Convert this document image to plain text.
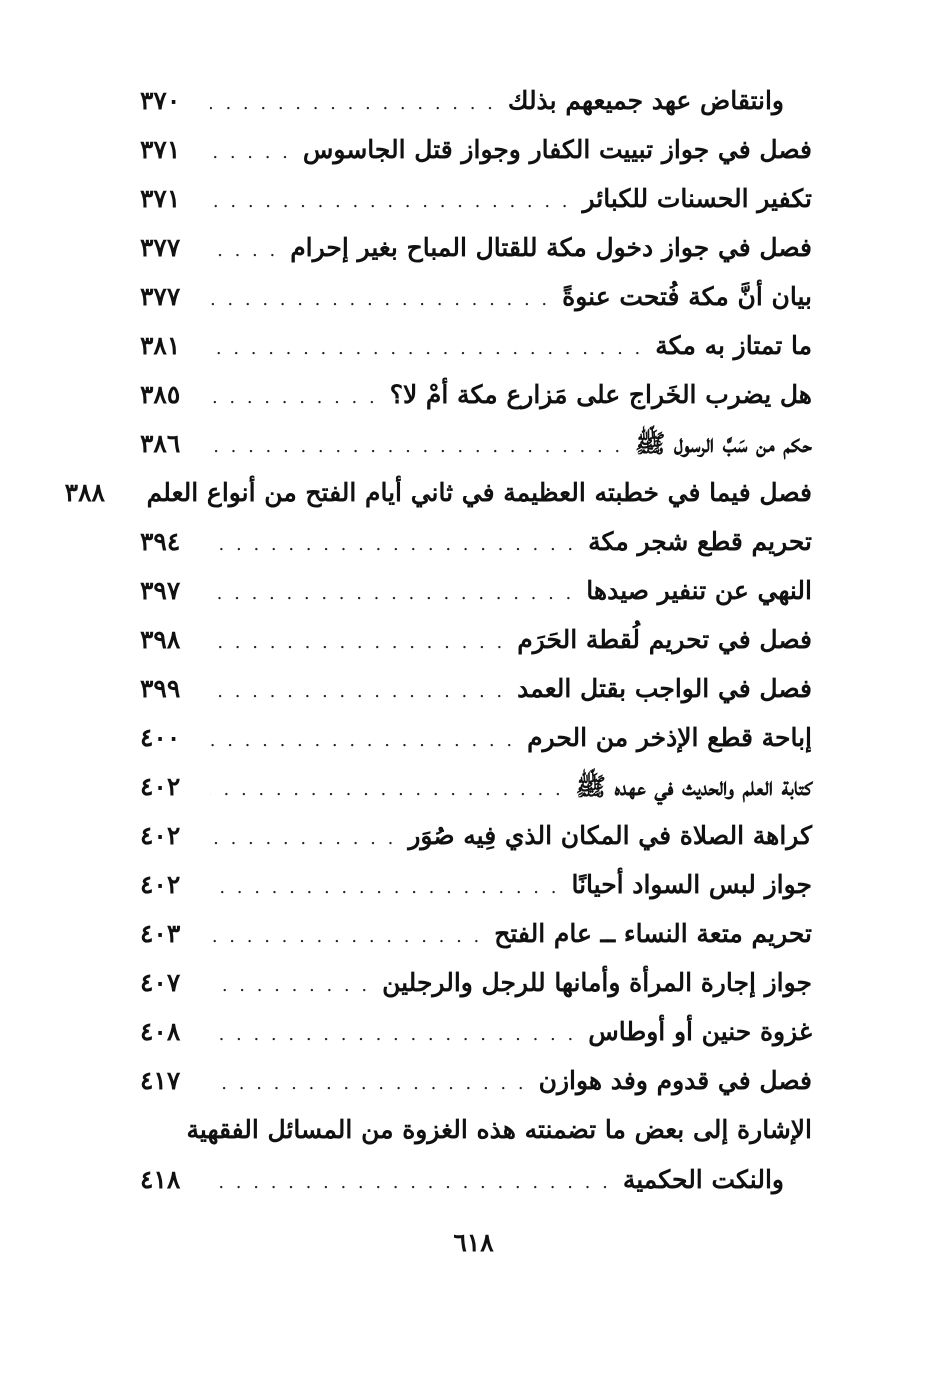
وانتقاض عهد جميعهم بذلك
. . .
٣٧٠
فصل في جواز تبييت الكفار وجواز قتل الجاسوس
. . .
٣٧١
تكفير الحسنات للكبائر
. . .
٣٧١
فصل في جواز دخول مكة للقتال المباح بغير إحرام
. . .
٣٧٧
بيان أنَّ مكة فُتحت عنوةً
. . .
٣٧٧
ما تمتاز به مكة
. . .
٣٨١
هل يضرب الخَراج على مَزارع مكة أمْ لا؟
. . .
٣٨٥
حكم من سَبَّ الرسول ﷺ
. . .
٣٨٦
فصل فيما في خطبته العظيمة في ثاني أيام الفتح من أنواع العلم
٣٨٨
تحريم قطع شجر مكة
. . .
٣٩٤
النهي عن تنفير صيدها
. . .
٣٩٧
فصل في تحريم لُقطة الحَرَم
. . .
٣٩٨
فصل في الواجب بقتل العمد
. . .
٣٩٩
إباحة قطع الإذخر من الحرم
. . .
٤٠٠
كتابة العلم والحديث في عهده ﷺ
. . .
٤٠٢
كراهة الصلاة في المكان الذي فِيه صُوَر
. . .
٤٠٢
جواز لبس السواد أحيانًا
. . .
٤٠٢
تحريم متعة النساء ــ عام الفتح
. . .
٤٠٣
جواز إجارة المرأة وأمانها للرجل والرجلين
. . .
٤٠٧
غزوة حنين أو أوطاس
. . .
٤٠٨
فصل في قدوم وفد هوازن
. . .
٤١٧
الإشارة إلى بعض ما تضمنته هذه الغزوة من المسائل الفقهية
والنكت الحكمية
. . .
٤١٨
٦١٨
